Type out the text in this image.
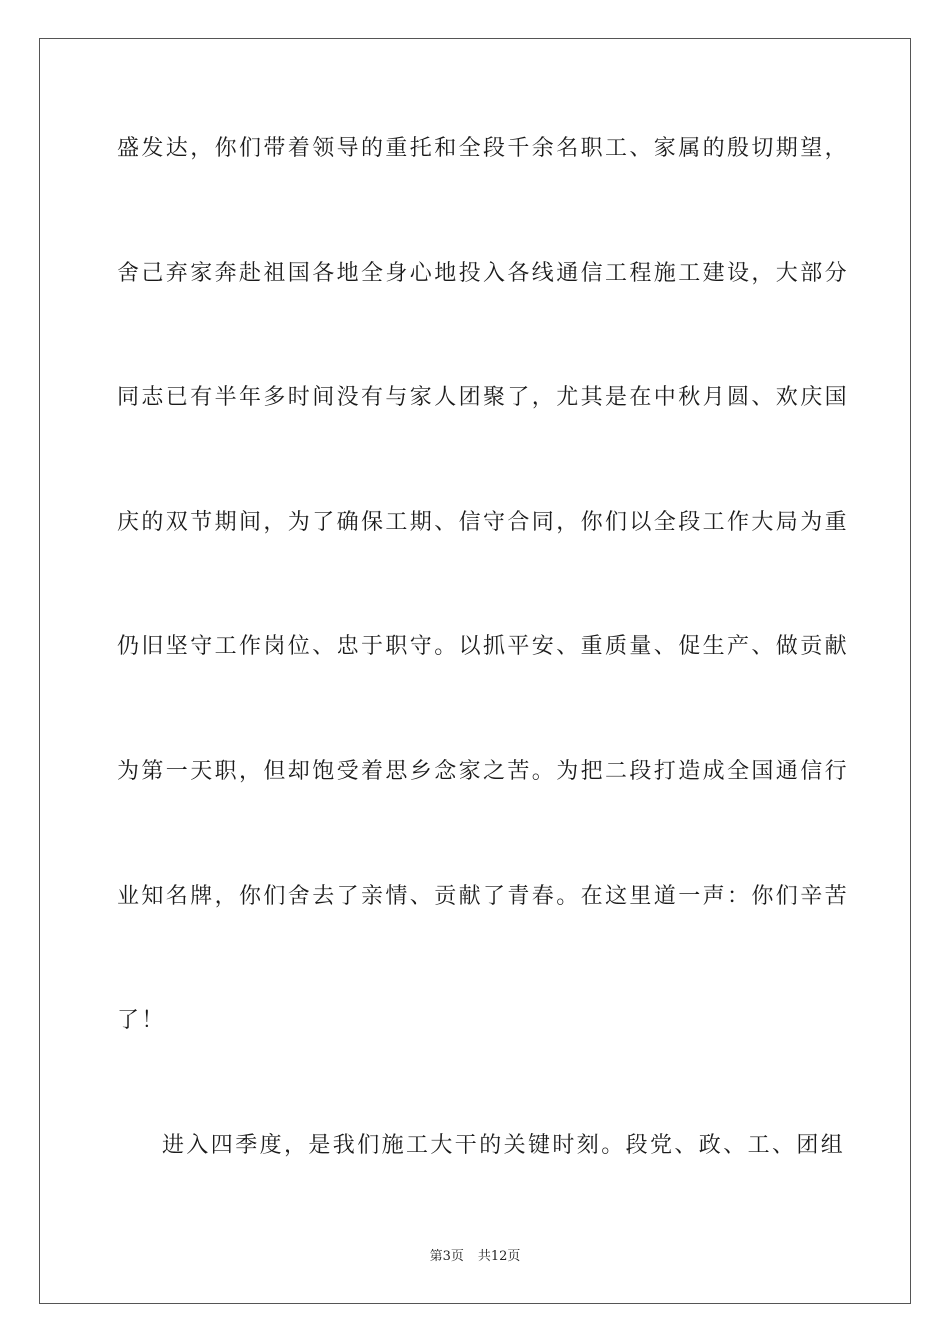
盛发达，你们带着领导的重托和全段千余名职工、家属的殷切期望，
舍己弃家奔赴祖国各地全身心地投入各线通信工程施工建设，大部分
同志已有半年多时间没有与家人团聚了，尤其是在中秋月圆、欢庆国
庆的双节期间，为了确保工期、信守合同，你们以全段工作大局为重
仍旧坚守工作岗位、忠于职守。以抓平安、重质量、促生产、做贡献
为第一天职，但却饱受着思乡念家之苦。为把二段打造成全国通信行
业知名牌，你们舍去了亲情、贡献了青春。在这里道一声：你们辛苦
了！
进入四季度，是我们施工大干的关键时刻。段党、政、工、团组
第3页 共12页
